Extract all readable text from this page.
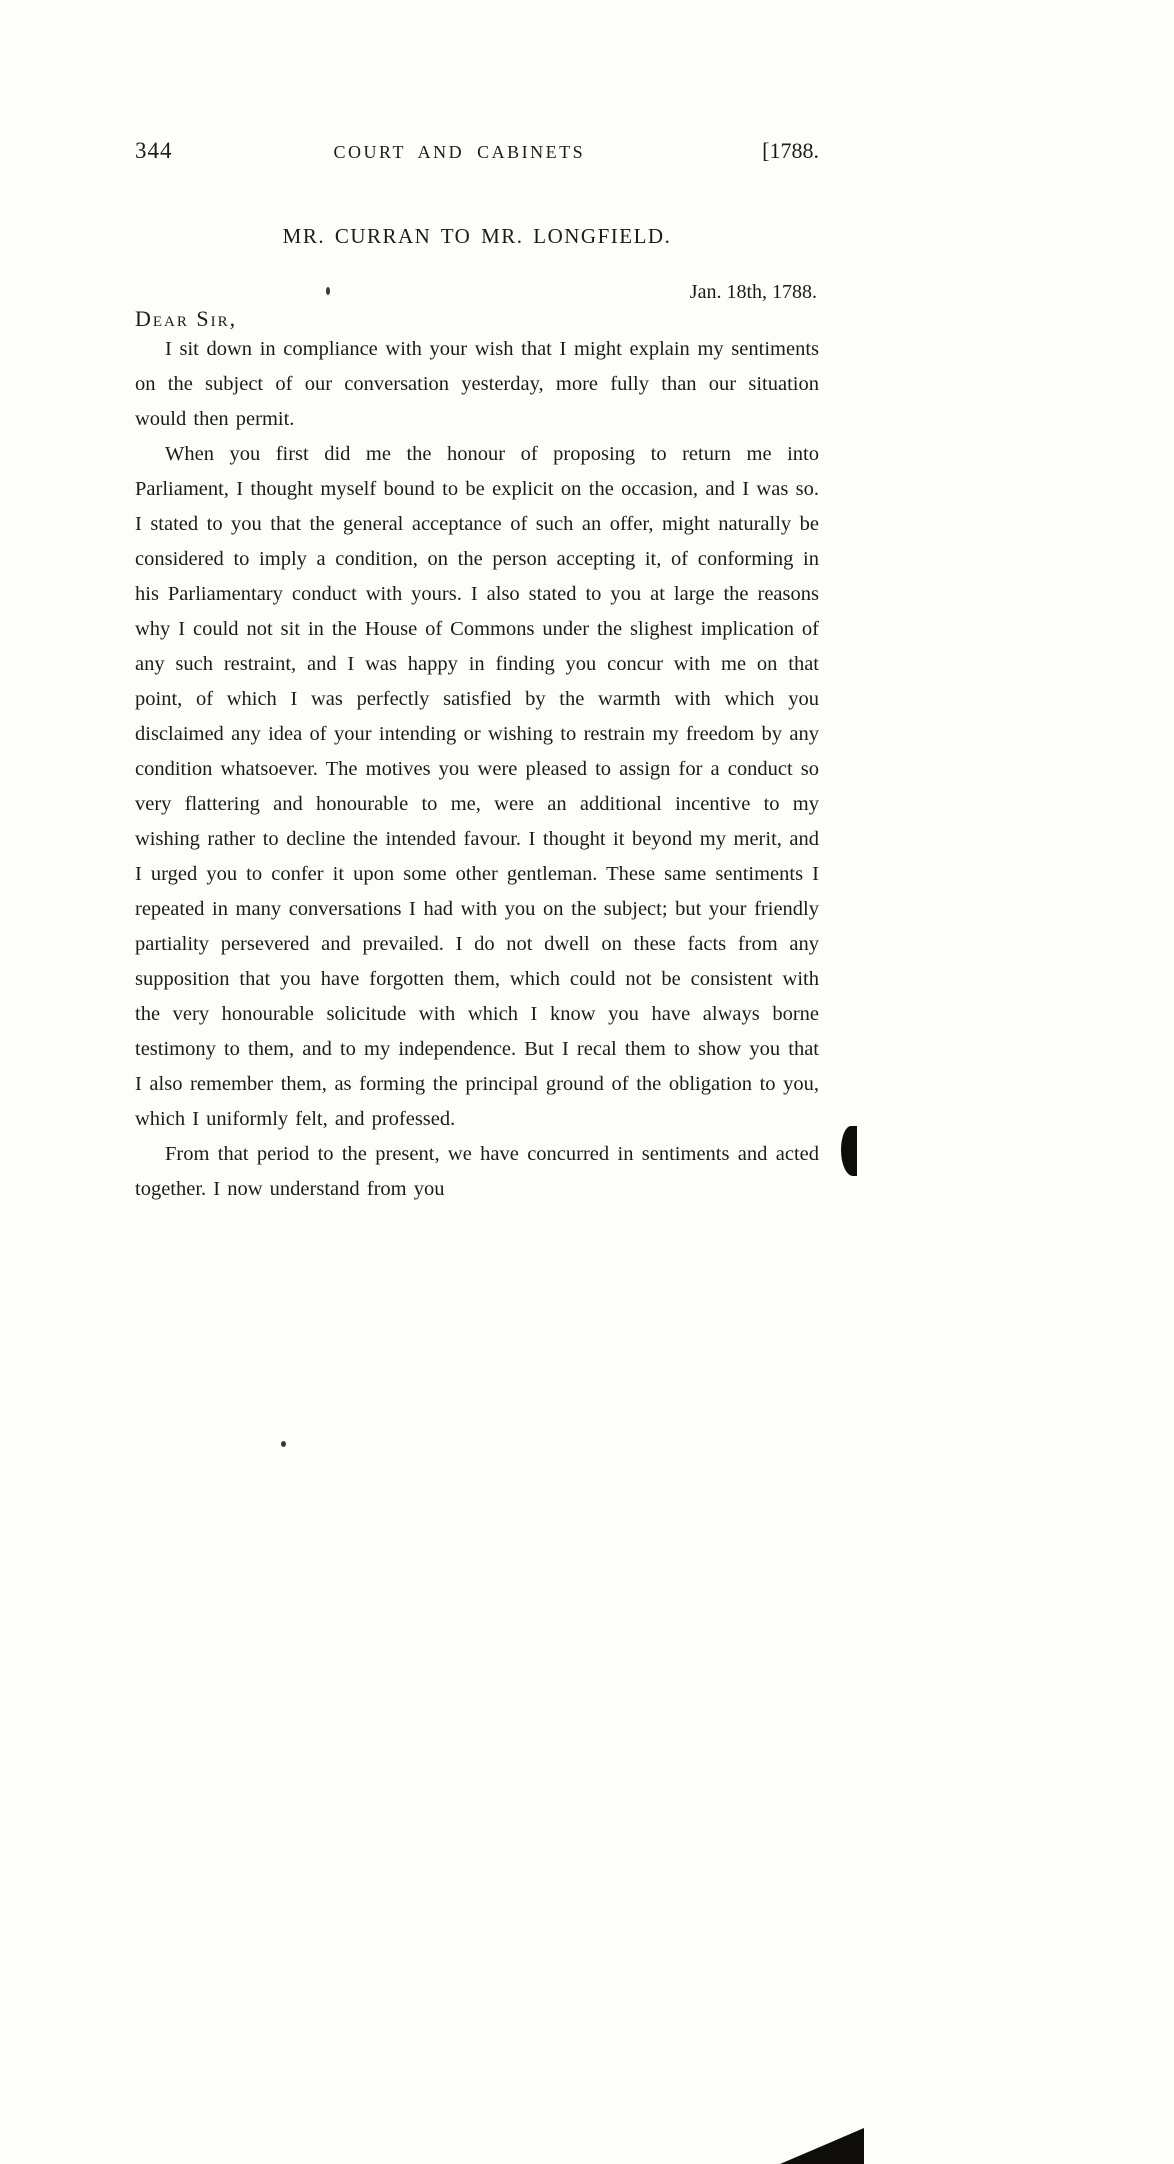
344	COURT AND CABINETS	[1788.
MR. CURRAN TO MR. LONGFIELD.
Jan. 18th, 1788.
Dear Sir,

I sit down in compliance with your wish that I might explain my sentiments on the subject of our conversation yesterday, more fully than our situation would then permit.

When you first did me the honour of proposing to return me into Parliament, I thought myself bound to be explicit on the occasion, and I was so. I stated to you that the general acceptance of such an offer, might naturally be considered to imply a condition, on the person accepting it, of conforming in his Parliamentary conduct with yours. I also stated to you at large the reasons why I could not sit in the House of Commons under the slighest implication of any such restraint, and I was happy in finding you concur with me on that point, of which I was perfectly satisfied by the warmth with which you disclaimed any idea of your intending or wishing to restrain my freedom by any condition whatsoever. The motives you were pleased to assign for a conduct so very flattering and honourable to me, were an additional incentive to my wishing rather to decline the intended favour. I thought it beyond my merit, and I urged you to confer it upon some other gentleman. These same sentiments I repeated in many conversations I had with you on the subject; but your friendly partiality persevered and prevailed. I do not dwell on these facts from any supposition that you have forgotten them, which could not be consistent with the very honourable solicitude with which I know you have always borne testimony to them, and to my independence. But I recal them to show you that I also remember them, as forming the principal ground of the obligation to you, which I uniformly felt, and professed.

From that period to the present, we have concurred in sentiments and acted together. I now understand from you
